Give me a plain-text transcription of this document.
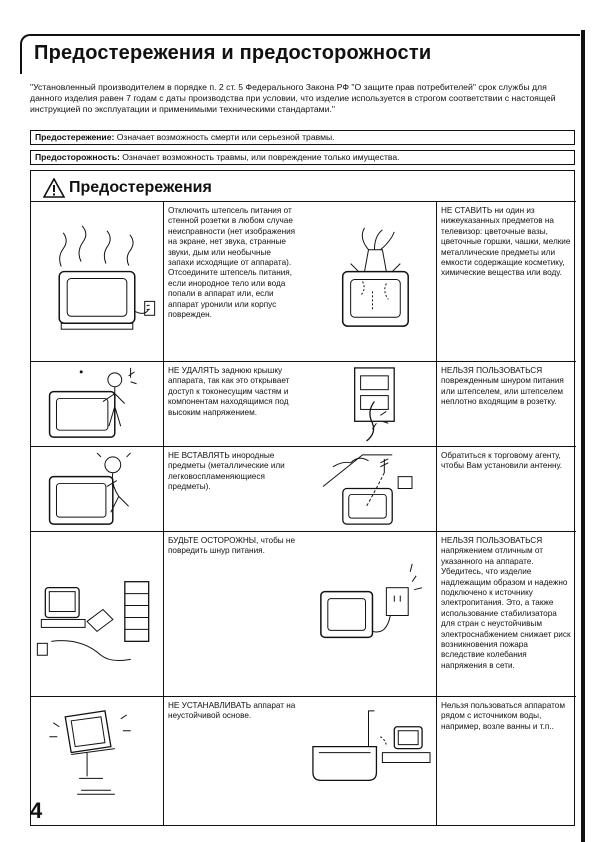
Предостережения и предосторожности
"Установленный производителем в порядке п. 2 ст. 5 Федерального Закона РФ "О защите прав потребителей" срок службы для данного изделия равен 7 годам с даты производства при условии, что изделие используется в строгом соответствии с настоящей инструкцией по эксплуатации и применимыми техническими стандартами."
Предостережение: Означает возможность смерти или серьезной травмы.
Предосторожность: Означает возможность травмы, или повреждение только имущества.
Предостережения
Отключить штепсель питания от стенной розетки в любом случае неисправности (нет изображения на экране, нет звука, странные звуки, дым или необычные запахи исходящие от аппарата). Отсоедините штепсель питания, если инородное тело или вода попали в аппарат или, если аппарат уронили или корпус поврежден.
НЕ СТАВИТЬ ни один из нижеуказанных предметов на телевизор: цветочные вазы, цветочные горшки, чашки, мелкие металлические предметы или емкости содержащие косметику, химические вещества или воду.
НЕ УДАЛЯТЬ заднюю крышку аппарата, так как это открывает доступ к токонесущим частям и компонентам находящимся под высоким напряжением.
НЕЛЬЗЯ ПОЛЬЗОВАТЬСЯ поврежденным шнуром питания или штепселем, или штепселем неплотно входящим в розетку.
НЕ ВСТАВЛЯТЬ инородные предметы (металлические или легковоспламеняющиеся предметы).
Обратиться к торговому агенту, чтобы Вам установили антенну.
БУДЬТЕ ОСТОРОЖНЫ, чтобы не повредить шнур питания.
НЕЛЬЗЯ ПОЛЬЗОВАТЬСЯ напряжением отличным от указанного на аппарате. Убедитесь, что изделие надлежащим образом и надежно подключено к источнику электропитания. Это, а также использование стабилизатора для стран с неустойчивым электроснабжением снижает риск возникновения пожара вследствие колебания напряжения в сети.
НЕ УСТАНАВЛИВАТЬ аппарат на неустойчивой основе.
Нельзя пользоваться аппаратом рядом с источником воды, например, возле ванны и т.п..
4
